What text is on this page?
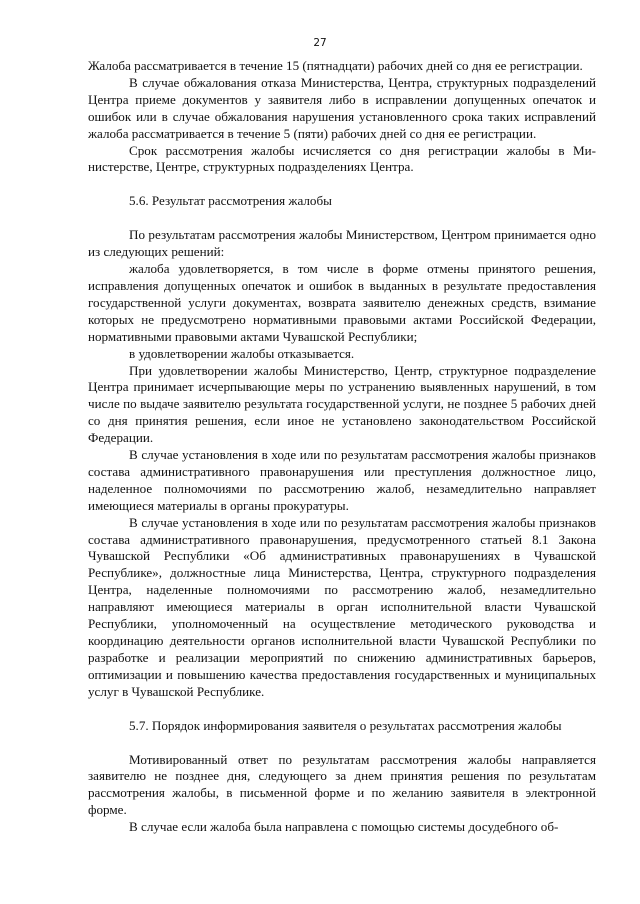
27

Жалоба рассматривается в течение 15 (пятнадцати) рабочих дней со дня ее регистрации.

В случае обжалования отказа Министерства, Центра, структурных подразделений Центра приеме документов у заявителя либо в исправлении допущенных опечаток и ошибок или в случае обжалования нарушения установленного срока таких исправлений жалоба рассматривается в течение 5 (пяти) рабочих дней со дня ее регистрации.

Срок рассмотрения жалобы исчисляется со дня регистрации жалобы в Министерстве, Центре, структурных подразделениях Центра.

5.6. Результат рассмотрения жалобы

По результатам рассмотрения жалобы Министерством, Центром принимается одно из следующих решений:

жалоба удовлетворяется, в том числе в форме отмены принятого решения, исправления допущенных опечаток и ошибок в выданных в результате предоставления государственной услуги документах, возврата заявителю денежных средств, взимание которых не предусмотрено нормативными правовыми актами Российской Федерации, нормативными правовыми актами Чувашской Республики;

в удовлетворении жалобы отказывается.

При удовлетворении жалобы Министерство, Центр, структурное подразделение Центра принимает исчерпывающие меры по устранению выявленных нарушений, в том числе по выдаче заявителю результата государственной услуги, не позднее 5 рабочих дней со дня принятия решения, если иное не установлено законодательством Российской Федерации.

В случае установления в ходе или по результатам рассмотрения жалобы признаков состава административного правонарушения или преступления должностное лицо, наделенное полномочиями по рассмотрению жалоб, незамедлительно направляет имеющиеся материалы в органы прокуратуры.

В случае установления в ходе или по результатам рассмотрения жалобы признаков состава административного правонарушения, предусмотренного статьей 8.1 Закона Чувашской Республики «Об административных правонарушениях в Чувашской Республике», должностные лица Министерства, Центра, структурного подразделения Центра, наделенные полномочиями по рассмотрению жалоб, незамедлительно направляют имеющиеся материалы в орган исполнительной власти Чувашской Республики, уполномоченный на осуществление методического руководства и координацию деятельности органов исполнительной власти Чувашской Республики по разработке и реализации мероприятий по снижению административных барьеров, оптимизации и повышению качества предоставления государственных и муниципальных услуг в Чувашской Республике.

5.7. Порядок информирования заявителя о результатах рассмотрения жалобы

Мотивированный ответ по результатам рассмотрения жалобы направляется заявителю не позднее дня, следующего за днем принятия решения по результатам рассмотрения жалобы, в письменной форме и по желанию заявителя в электронной форме.

В случае если жалоба была направлена с помощью системы досудебного об-
